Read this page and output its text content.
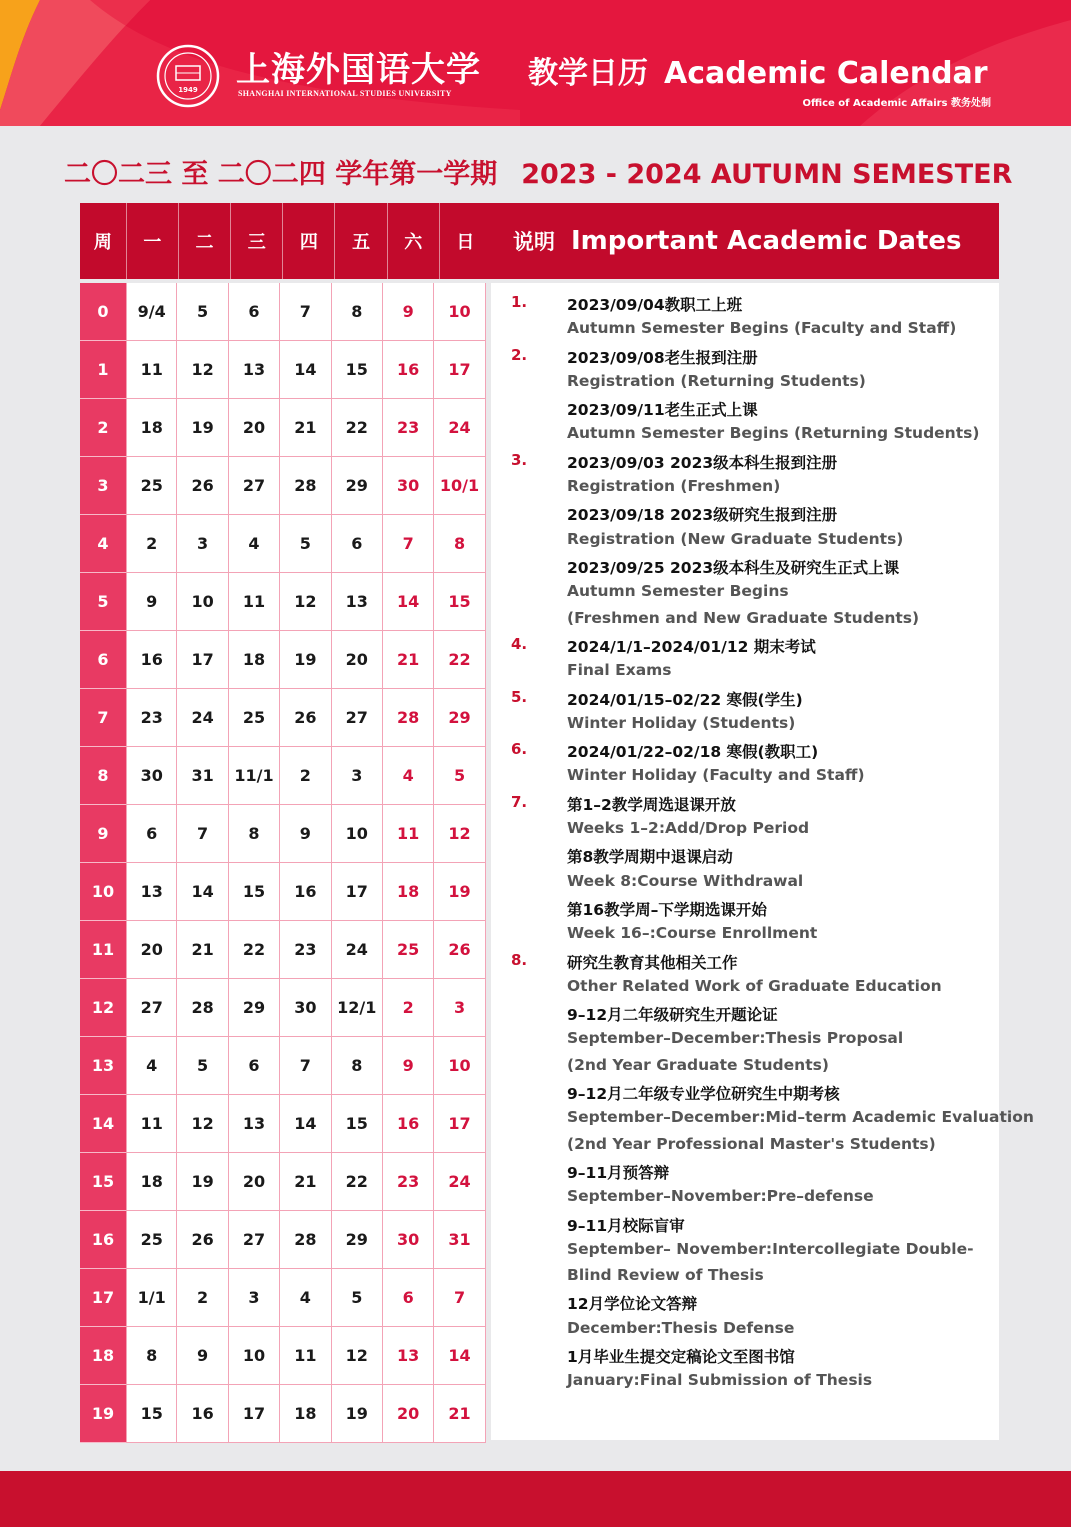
1949 上海外国语大学
SHANGHAI INTERNATIONAL STUDIES UNIVERSITY
教学日历 Academic Calendar
Office of Academic Affairs 教务处制
二〇二三 至 二〇二四 学年第一学期 2023 - 2024 AUTUMN SEMESTER
周	一	二	三	四	五	六	日
0	9/4	5	6	7	8	9	10
1	11	12	13	14	15	16	17
2	18	19	20	21	22	23	24
3	25	26	27	28	29	30	10/1
4	2	3	4	5	6	7	8
5	9	10	11	12	13	14	15
6	16	17	18	19	20	21	22
7	23	24	25	26	27	28	29
8	30	31	11/1	2	3	4	5
9	6	7	8	9	10	11	12
10	13	14	15	16	17	18	19
11	20	21	22	23	24	25	26
12	27	28	29	30	12/1	2	3
13	4	5	6	7	8	9	10
14	11	12	13	14	15	16	17
15	18	19	20	21	22	23	24
16	25	26	27	28	29	30	31
17	1/1	2	3	4	5	6	7
18	8	9	10	11	12	13	14
19	15	16	17	18	19	20	21
说明 Important Academic Dates
1.	2023/09/04教职工上班
Autumn Semester Begins (Faculty and Staff)
2.	2023/09/08老生报到注册
Registration (Returning Students)
2023/09/11老生正式上课
Autumn Semester Begins (Returning Students)
3.	2023/09/03 2023级本科生报到注册
Registration (Freshmen)
2023/09/18 2023级研究生报到注册
Registration (New Graduate Students)
2023/09/25 2023级本科生及研究生正式上课
Autumn Semester Begins
(Freshmen and New Graduate Students)
4.	2024/1/1–2024/01/12 期末考试
Final Exams
5.	2024/01/15–02/22 寒假(学生)
Winter Holiday (Students)
6.	2024/01/22–02/18 寒假(教职工)
Winter Holiday (Faculty and Staff)
7.	第1–2教学周选退课开放
Weeks 1–2:Add/Drop Period
第8教学周期中退课启动
Week 8:Course Withdrawal
第16教学周–下学期选课开始
Week 16–:Course Enrollment
8.	研究生教育其他相关工作
Other Related Work of Graduate Education
9–12月二年级研究生开题论证
September–December:Thesis Proposal
(2nd Year Graduate Students)
9–12月二年级专业学位研究生中期考核
September–December:Mid–term Academic Evaluation
(2nd Year Professional Master's Students)
9–11月预答辩
September–November:Pre–defense
9–11月校际盲审
September– November:Intercollegiate Double-
Blind Review of Thesis
12月学位论文答辩
December:Thesis Defense
1月毕业生提交定稿论文至图书馆
January:Final Submission of Thesis
